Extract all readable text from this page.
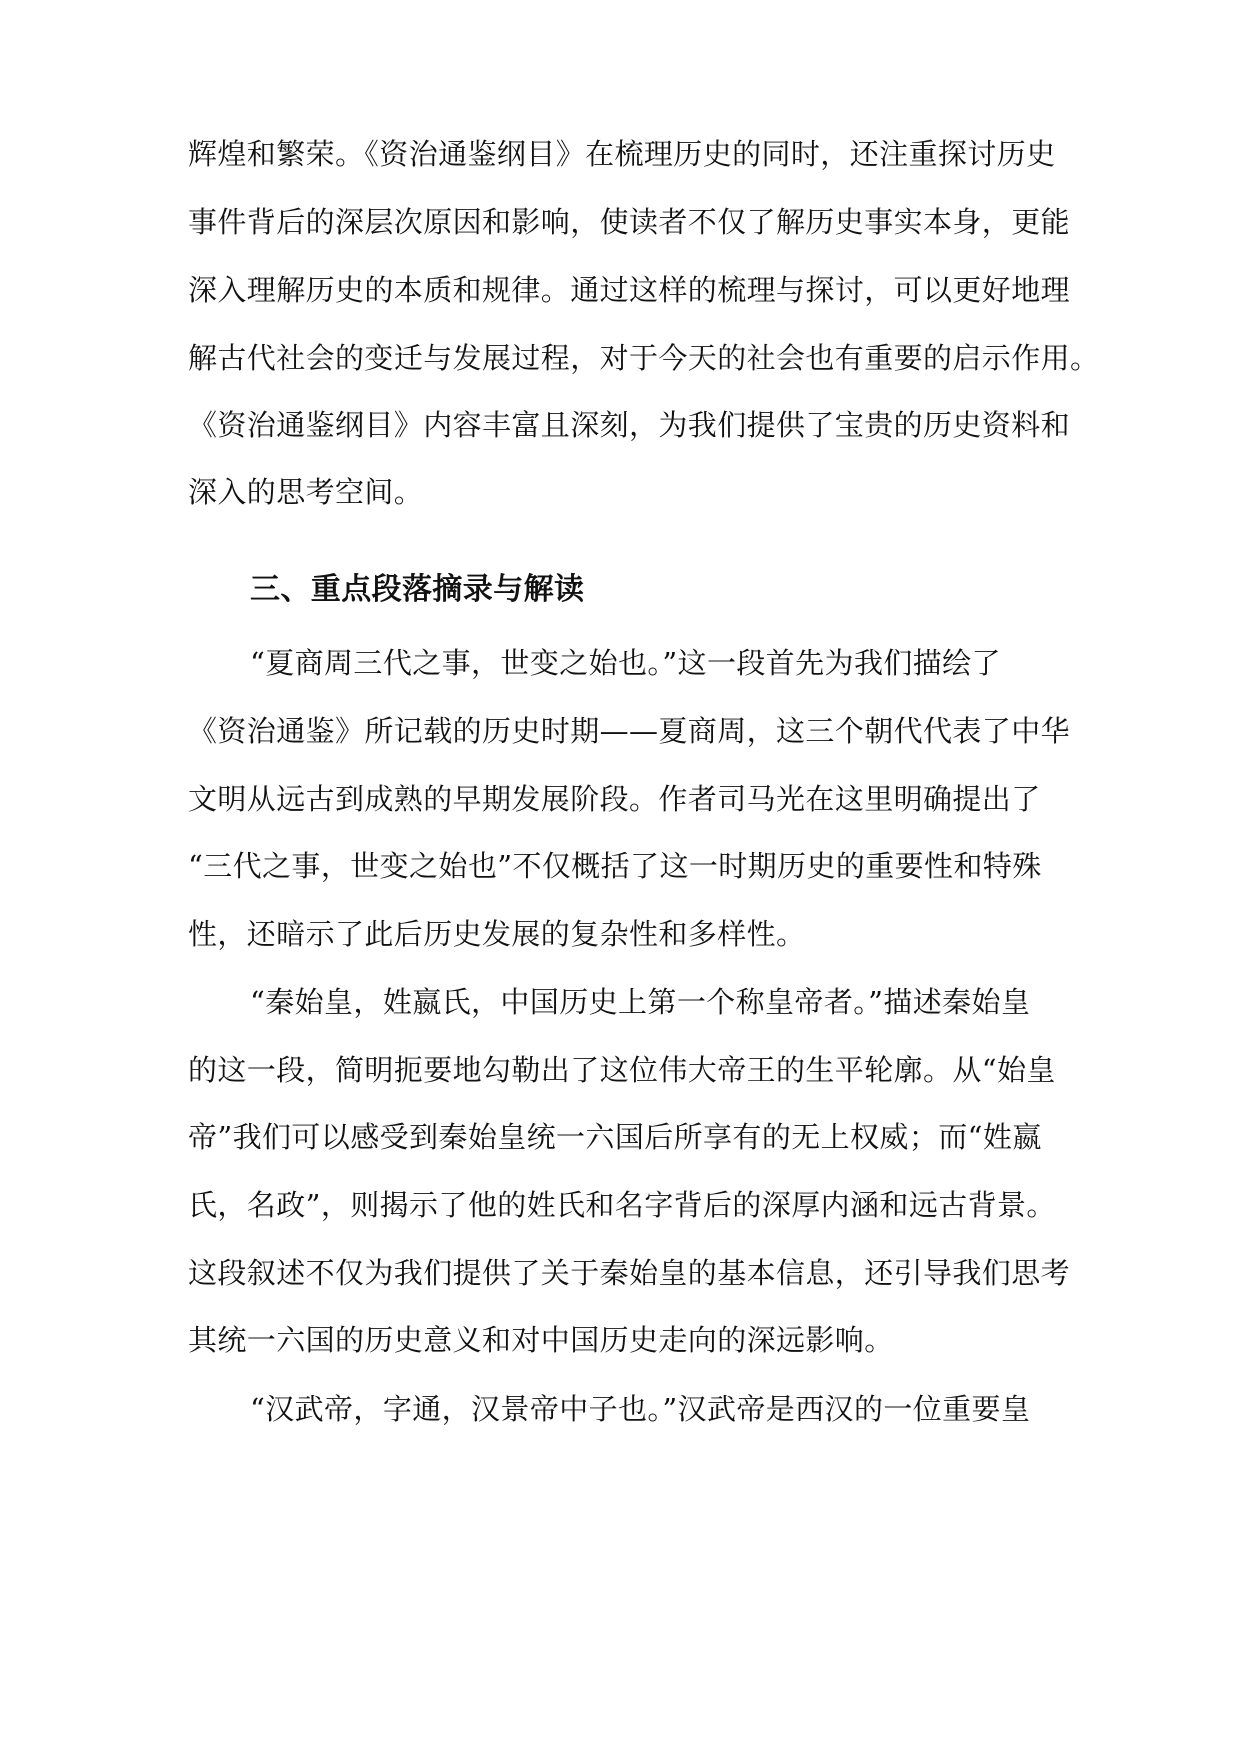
辉煌和繁荣。《资治通鉴纲目》在梳理历史的同时，还注重探讨历史
事件背后的深层次原因和影响，使读者不仅了解历史事实本身，更能
深入理解历史的本质和规律。通过这样的梳理与探讨，可以更好地理
解古代社会的变迁与发展过程，对于今天的社会也有重要的启示作用。
《资治通鉴纲目》内容丰富且深刻，为我们提供了宝贵的历史资料和
深入的思考空间。
三、重点段落摘录与解读
“夏商周三代之事，世变之始也。”这一段首先为我们描绘了
《资治通鉴》所记载的历史时期——夏商周，这三个朝代代表了中华
文明从远古到成熟的早期发展阶段。作者司马光在这里明确提出了
“三代之事，世变之始也”不仅概括了这一时期历史的重要性和特殊
性，还暗示了此后历史发展的复杂性和多样性。
“秦始皇，姓嬴氏，中国历史上第一个称皇帝者。”描述秦始皇
的这一段，简明扼要地勾勒出了这位伟大帝王的生平轮廓。从“始皇
帝”我们可以感受到秦始皇统一六国后所享有的无上权威；而“姓嬴
氏，名政”，则揭示了他的姓氏和名字背后的深厚内涵和远古背景。
这段叙述不仅为我们提供了关于秦始皇的基本信息，还引导我们思考
其统一六国的历史意义和对中国历史走向的深远影响。
“汉武帝，字通，汉景帝中子也。”汉武帝是西汉的一位重要皇
